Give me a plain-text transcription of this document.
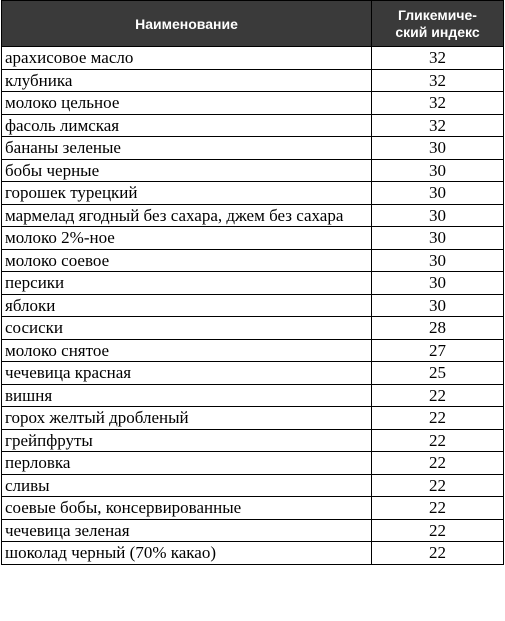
Наименование	Гликемиче-
ский индекс
арахисовое масло	32
клубника	32
молоко цельное	32
фасоль лимская	32
бананы зеленые	30
бобы черные	30
горошек турецкий	30
мармелад ягодный без сахара, джем без сахара	30
молоко 2%-ное	30
молоко соевое	30
персики	30
яблоки	30
сосиски	28
молоко снятое	27
чечевица красная	25
вишня	22
горох желтый дробленый	22
грейпфруты	22
перловка	22
сливы	22
соевые бобы, консервированные	22
чечевица зеленая	22
шоколад черный (70% какао)	22
